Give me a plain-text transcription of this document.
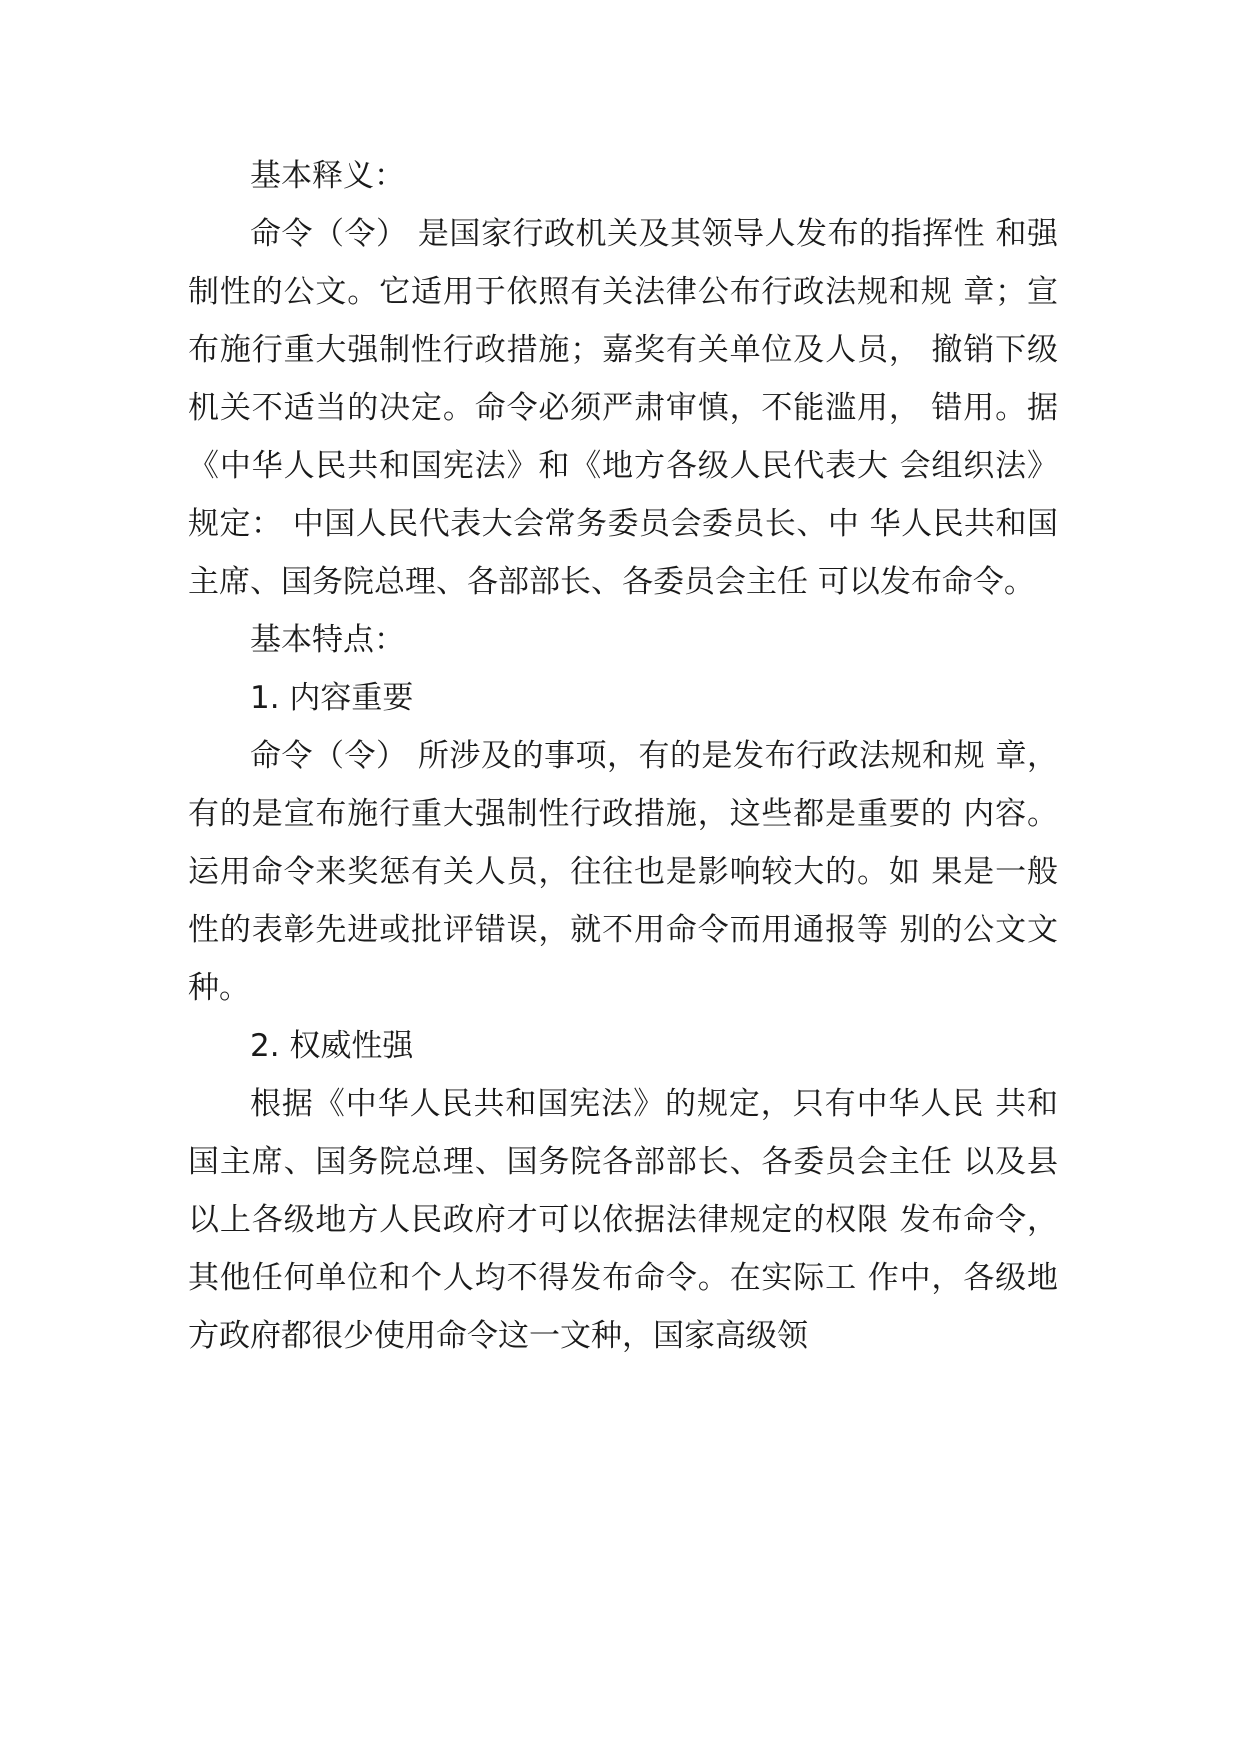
基本释义：
命令（令） 是国家行政机关及其领导人发布的指挥性 和强
制性的公文。它适用于依照有关法律公布行政法规和规 章；宣
布施行重大强制性行政措施；嘉奖有关单位及人员， 撤销下级
机关不适当的决定。命令必须严肃审慎，不能滥用， 错用。据
《中华人民共和国宪法》和《地方各级人民代表大 会组织法》
规定： 中国人民代表大会常务委员会委员长、中 华人民共和国
主席、国务院总理、各部部长、各委员会主任 可以发布命令。
基本特点：
1. 内容重要
命令（令） 所涉及的事项，有的是发布行政法规和规 章，
有的是宣布施行重大强制性行政措施，这些都是重要的 内容。
运用命令来奖惩有关人员，往往也是影响较大的。如 果是一般
性的表彰先进或批评错误，就不用命令而用通报等 别的公文文
种。
2. 权威性强
根据《中华人民共和国宪法》的规定，只有中华人民 共和
国主席、国务院总理、国务院各部部长、各委员会主任 以及县
以上各级地方人民政府才可以依据法律规定的权限 发布命令，
其他任何单位和个人均不得发布命令。在实际工 作中，各级地
方政府都很少使用命令这一文种，国家高级领
